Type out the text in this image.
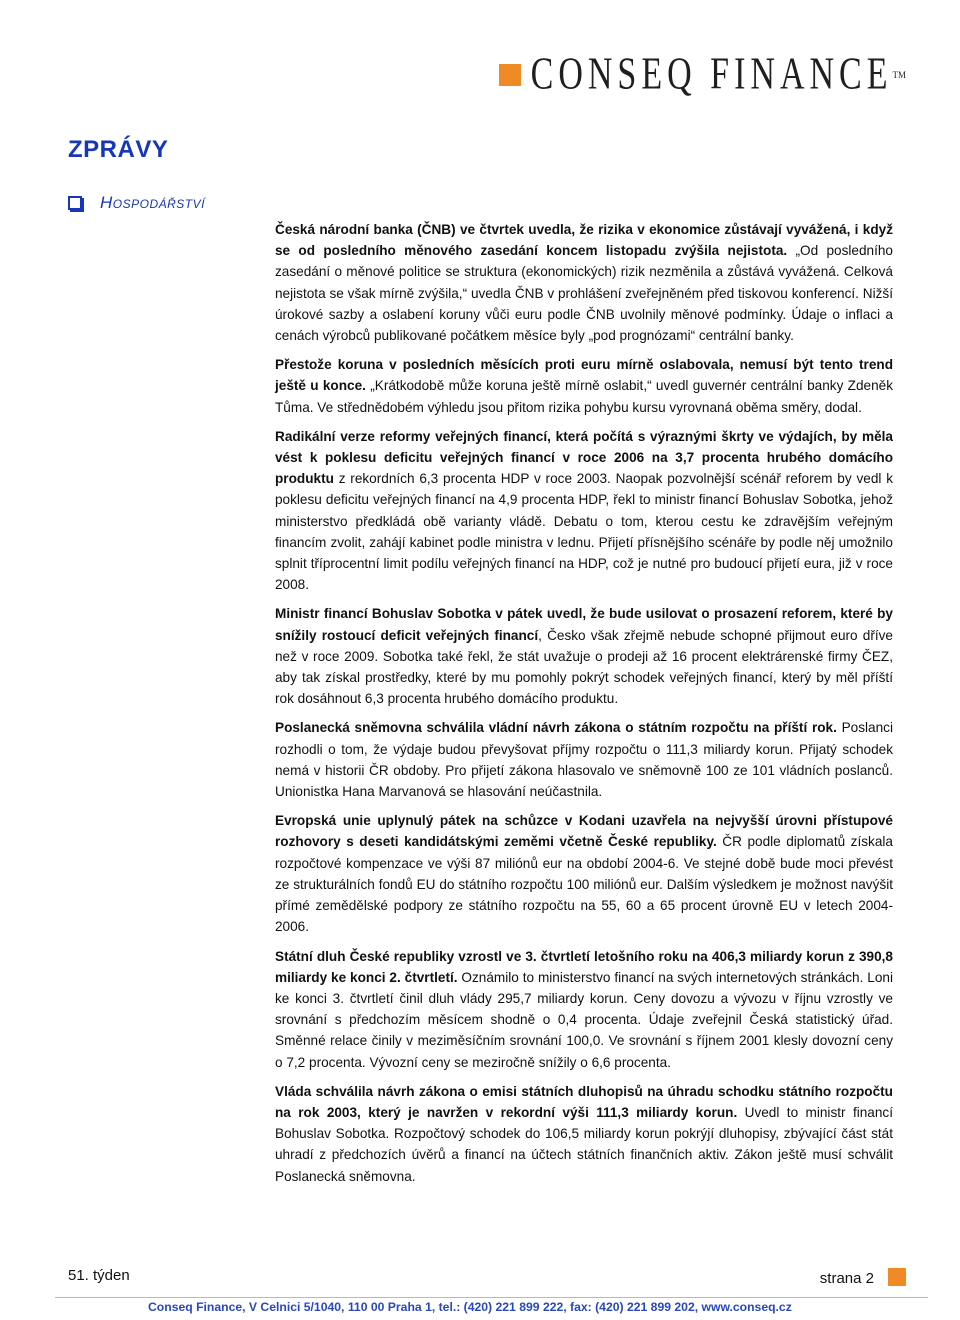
CONSEQ FINANCE TM
ZPRÁVY
Hospodářství

Česká národní banka (ČNB) ve čtvrtek uvedla, že rizika v ekonomice zůstávají vyvážená, i když se od posledního měnového zasedání koncem listopadu zvýšila nejistota. „Od posledního zasedání o měnové politice se struktura (ekonomických) rizik nezměnila a zůstává vyvážená. Celková nejistota se však mírně zvýšila,“ uvedla ČNB v prohlášení zveřejněném před tiskovou konferencí. Nižší úrokové sazby a oslabení koruny vůči euru podle ČNB uvolnily měnové podmínky. Údaje o inflaci a cenách výrobců publikované počátkem měsíce byly „pod prognózami“ centrální banky.

Přestože koruna v posledních měsících proti euru mírně oslabovala, nemusí být tento trend ještě u konce. „Krátkodobě může koruna ještě mírně oslabit,“ uvedl guvernér centrální banky Zdeněk Tůma. Ve střednědobém výhledu jsou přitom rizika pohybu kursu vyrovnaná oběma směry, dodal.

Radikální verze reformy veřejných financí, která počítá s výraznými škrty ve výdajích, by měla vést k poklesu deficitu veřejných financí v roce 2006 na 3,7 procenta hrubého domácího produktu z rekordních 6,3 procenta HDP v roce 2003. Naopak pozvolnější scénář reforem by vedl k poklesu deficitu veřejných financí na 4,9 procenta HDP, řekl to ministr financí Bohuslav Sobotka, jehož ministerstvo předkládá obě varianty vládě. Debatu o tom, kterou cestu ke zdravějším veřejným financím zvolit, zahájí kabinet podle ministra v lednu. Přijetí přísnějšího scénáře by podle něj umožnilo splnit tříprocentní limit podílu veřejných financí na HDP, což je nutné pro budoucí přijetí eura, již v roce 2008.

Ministr financí Bohuslav Sobotka v pátek uvedl, že bude usilovat o prosazení reforem, které by snížily rostoucí deficit veřejných financí, Česko však zřejmě nebude schopné přijmout euro dříve než v roce 2009. Sobotka také řekl, že stát uvažuje o prodeji až 16 procent elektrárenské firmy ČEZ, aby tak získal prostředky, které by mu pomohly pokrýt schodek veřejných financí, který by měl příští rok dosáhnout 6,3 procenta hrubého domácího produktu.

Poslanecká sněmovna schválila vládní návrh zákona o státním rozpočtu na příští rok. Poslanci rozhodli o tom, že výdaje budou převyšovat příjmy rozpočtu o 111,3 miliardy korun. Přijatý schodek nemá v historii ČR obdoby. Pro přijetí zákona hlasovalo ve sněmovně 100 ze 101 vládních poslanců. Unionistka Hana Marvanová se hlasování neúčastnila.

Evropská unie uplynulý pátek na schůzce v Kodani uzavřela na nejvyšší úrovni přístupové rozhovory s deseti kandidátskými zeměmi včetně České republiky. ČR podle diplomatů získala rozpočtové kompenzace ve výši 87 miliónů eur na období 2004-6. Ve stejné době bude moci převést ze strukturálních fondů EU do státního rozpočtu 100 miliónů eur. Dalším výsledkem je možnost navýšit přímé zemědělské podpory ze státního rozpočtu na 55, 60 a 65 procent úrovně EU v letech 2004- 2006.

Státní dluh České republiky vzrostl ve 3. čtvrtletí letošního roku na 406,3 miliardy korun z 390,8 miliardy ke konci 2. čtvrtletí. Oznámilo to ministerstvo financí na svých internetových stránkách. Loni ke konci 3. čtvrtletí činil dluh vlády 295,7 miliardy korun. Ceny dovozu a vývozu v říjnu vzrostly ve srovnání s předchozím měsícem shodně o 0,4 procenta. Údaje zveřejnil Česká statistický úřad. Směnné relace činily v meziměsíčním srovnání 100,0. Ve srovnání s říjnem 2001 klesly dovozní ceny o 7,2 procenta. Vývozní ceny se meziročně snížily o 6,6 procenta.

Vláda schválila návrh zákona o emisi státních dluhopisů na úhradu schodku státního rozpočtu na rok 2003, který je navržen v rekordní výši 111,3 miliardy korun. Uvedl to ministr financí Bohuslav Sobotka. Rozpočtový schodek do 106,5 miliardy korun pokrýjí dluhopisy, zbývající část stát uhradí z předchozích úvěrů a financí na účtech státních finančních aktiv. Zákon ještě musí schválit Poslanecká sněmovna.

51. týden	strana 2
Conseq Finance, V Celnici 5/1040, 110 00 Praha 1, tel.: (420) 221 899 222, fax: (420) 221 899 202, www.conseq.cz
